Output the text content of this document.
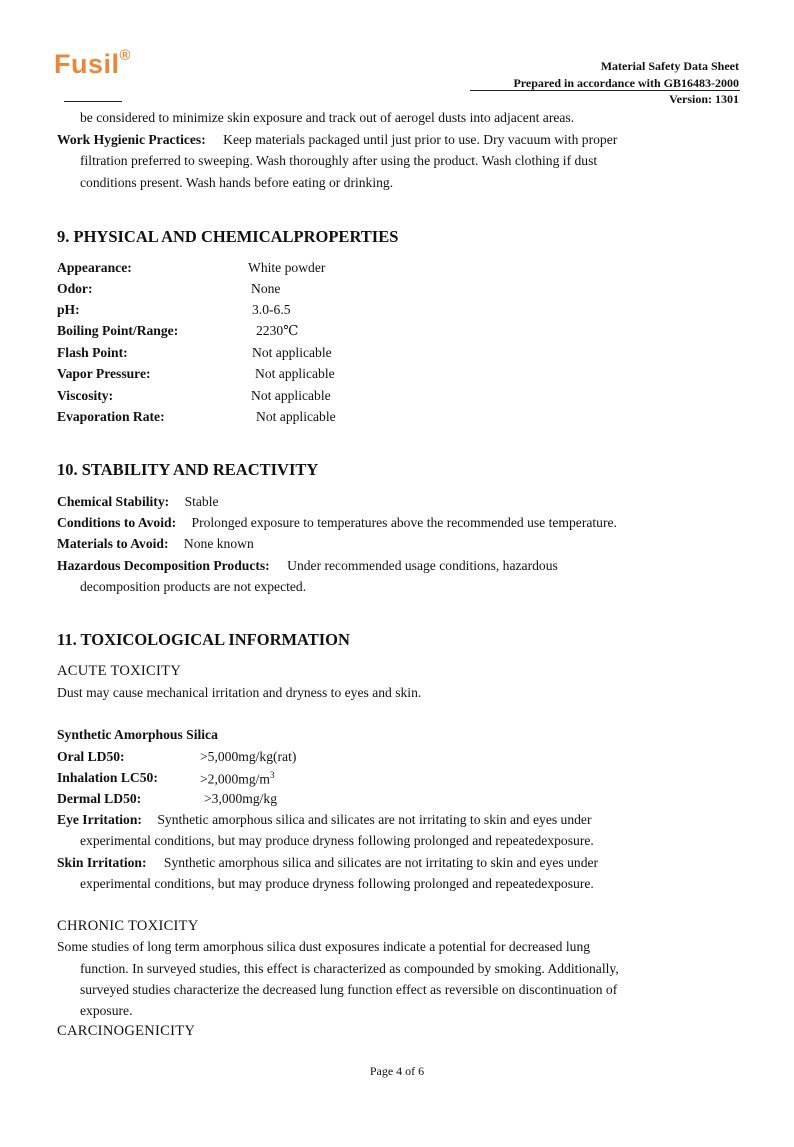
Fusil®
Material Safety Data Sheet
Prepared in accordance with GB16483-2000
Version: 1301
be considered to minimize skin exposure and track out of aerogel dusts into adjacent areas.
Work Hygienic Practices: Keep materials packaged until just prior to use. Dry vacuum with proper
filtration preferred to sweeping. Wash thoroughly after using the product. Wash clothing if dust
conditions present. Wash hands before eating or drinking.
9. PHYSICAL AND CHEMICALPROPERTIES
Appearance:	White powder
Odor:	None
pH:	3.0-6.5
Boiling Point/Range:	2230℃
Flash Point:	Not applicable
Vapor Pressure:	Not applicable
Viscosity:	Not applicable
Evaporation Rate:	Not applicable
10. STABILITY AND REACTIVITY
Chemical Stability: Stable
Conditions to Avoid: Prolonged exposure to temperatures above the recommended use temperature.
Materials to Avoid: None known
Hazardous Decomposition Products: Under recommended usage conditions, hazardous
decomposition products are not expected.
11. TOXICOLOGICAL INFORMATION
ACUTE TOXICITY
Dust may cause mechanical irritation and dryness to eyes and skin.
Synthetic Amorphous Silica
Oral LD50:	>5,000mg/kg(rat)
Inhalation LC50:	$>2,000mg/m^3$
Dermal LD50:	>3,000mg/kg
Eye Irritation: Synthetic amorphous silica and silicates are not irritating to skin and eyes under
experimental conditions, but may produce dryness following prolonged and repeatedexposure.
Skin Irritation: Synthetic amorphous silica and silicates are not irritating to skin and eyes under
experimental conditions, but may produce dryness following prolonged and repeatedexposure.
CHRONIC TOXICITY
Some studies of long term amorphous silica dust exposures indicate a potential for decreased lung
function. In surveyed studies, this effect is characterized as compounded by smoking. Additionally,
surveyed studies characterize the decreased lung function effect as reversible on discontinuation of
exposure.
CARCINOGENICITY
Page 4 of 6
